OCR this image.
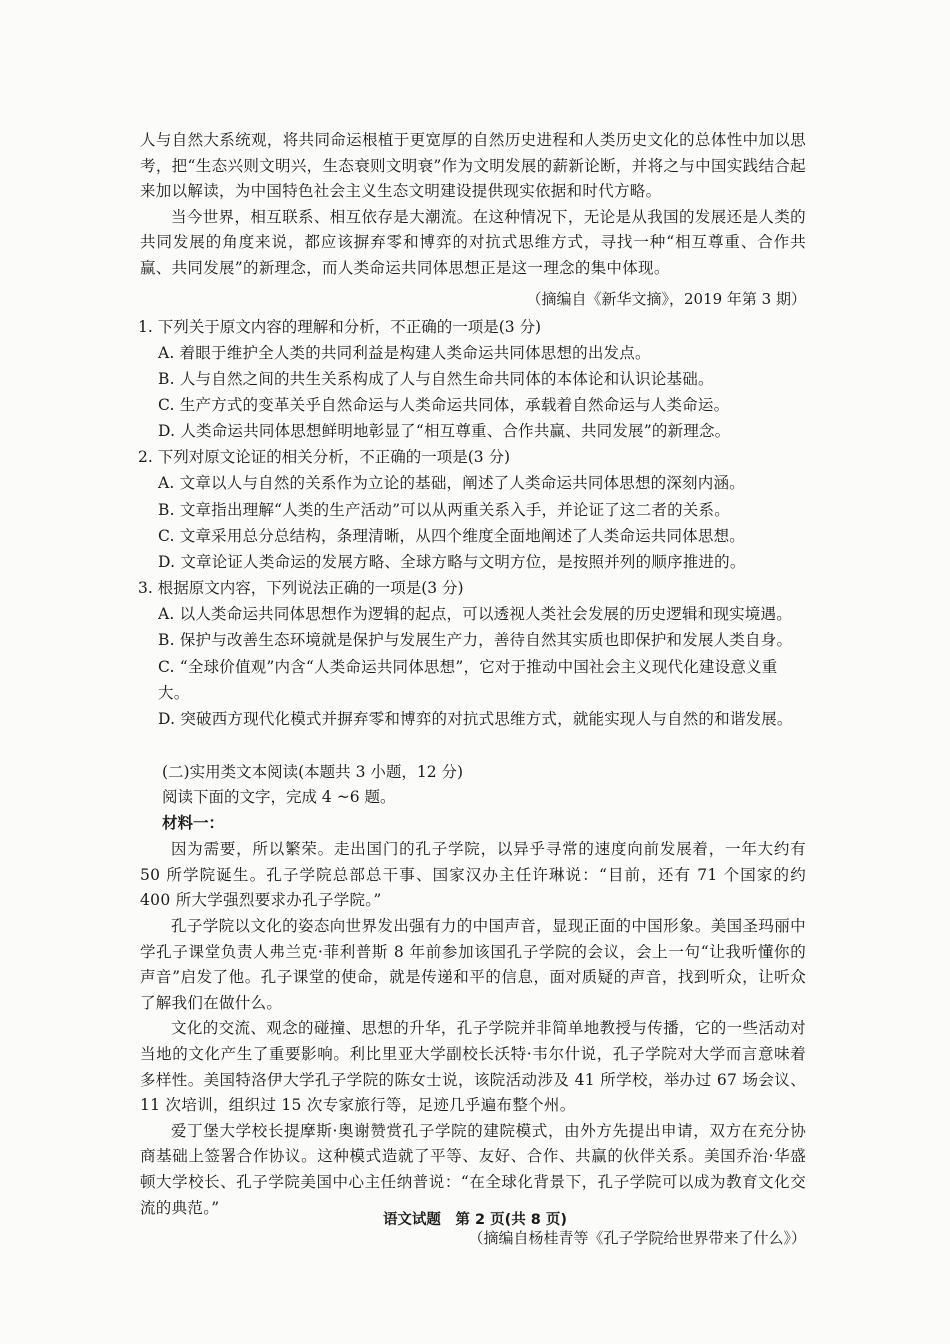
人与自然大系统观，将共同命运根植于更宽厚的自然历史进程和人类历史文化的总体性中加以思考，把“生态兴则文明兴，生态衰则文明衰”作为文明发展的薪新论断，并将之与中国实践结合起来加以解读，为中国特色社会主义生态文明建设提供现实依据和时代方略。

当今世界，相互联系、相互依存是大潮流。在这种情况下，无论是从我国的发展还是人类的共同发展的角度来说，都应该摒弃零和博弈的对抗式思维方式，寻找一种“相互尊重、合作共赢、共同发展”的新理念，而人类命运共同体思想正是这一理念的集中体现。

（摘编自《新华文摘》，2019 年第 3 期）

1. 下列关于原文内容的理解和分析，不正确的一项是(3 分)

A. 着眼于维护全人类的共同利益是构建人类命运共同体思想的出发点。

B. 人与自然之间的共生关系构成了人与自然生命共同体的本体论和认识论基础。

C. 生产方式的变革关乎自然命运与人类命运共同体，承载着自然命运与人类命运。

D. 人类命运共同体思想鲜明地彰显了“相互尊重、合作共赢、共同发展”的新理念。

2. 下列对原文论证的相关分析，不正确的一项是(3 分)

A. 文章以人与自然的关系作为立论的基础，阐述了人类命运共同体思想的深刻内涵。

B. 文章指出理解“人类的生产活动”可以从两重关系入手，并论证了这二者的关系。

C. 文章采用总分总结构，条理清晰，从四个维度全面地阐述了人类命运共同体思想。

D. 文章论证人类命运的发展方略、全球方略与文明方位，是按照并列的顺序推进的。

3. 根据原文内容，下列说法正确的一项是(3 分)

A. 以人类命运共同体思想作为逻辑的起点，可以透视人类社会发展的历史逻辑和现实境遇。

B. 保护与改善生态环境就是保护与发展生产力，善待自然其实质也即保护和发展人类自身。

C. “全球价值观”内含“人类命运共同体思想”，它对于推动中国社会主义现代化建设意义重大。

D. 突破西方现代化模式并摒弃零和博弈的对抗式思维方式，就能实现人与自然的和谐发展。

(二)实用类文本阅读(本题共 3 小题，12 分)

阅读下面的文字，完成 4 ~6 题。

材料一：

因为需要，所以繁荣。走出国门的孔子学院，以异乎寻常的速度向前发展着，一年大约有 50 所学院诞生。孔子学院总部总干事、国家汉办主任许琳说：“目前，还有 71 个国家的约 400 所大学强烈要求办孔子学院。”

孔子学院以文化的姿态向世界发出强有力的中国声音，显现正面的中国形象。美国圣玛丽中学孔子课堂负责人弗兰克·菲利普斯 8 年前参加该国孔子学院的会议，会上一句“让我听懂你的声音”启发了他。孔子课堂的使命，就是传递和平的信息，面对质疑的声音，找到听众，让听众了解我们在做什么。

文化的交流、观念的碰撞、思想的升华，孔子学院并非简单地教授与传播，它的一些活动对当地的文化产生了重要影响。利比里亚大学副校长沃特·韦尔什说，孔子学院对大学而言意味着多样性。美国特洛伊大学孔子学院的陈女士说，该院活动涉及 41 所学校，举办过 67 场会议、11 次培训，组织过 15 次专家旅行等，足迹几乎遍布整个州。

爱丁堡大学校长提摩斯·奥谢赞赏孔子学院的建院模式，由外方先提出申请，双方在充分协商基础上签署合作协议。这种模式造就了平等、友好、合作、共赢的伙伴关系。美国乔治·华盛顿大学校长、孔子学院美国中心主任纳普说：“在全球化背景下，孔子学院可以成为教育文化交流的典范。”

（摘编自杨桂青等《孔子学院给世界带来了什么》）

语文试题　第 2 页(共 8 页)
